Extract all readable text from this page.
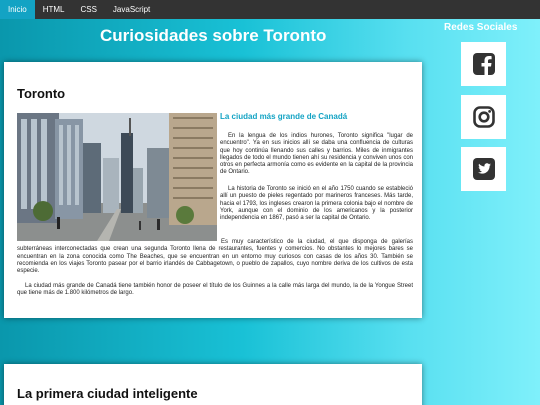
Inicio	HTML	CSS	JavaScript
Curiosidades sobre Toronto
Toronto
La ciudad más grande de Canadá

En la lengua de los indios hurones, Toronto significa "lugar de encuentro". Ya en sus inicios allí se daba una confluencia de culturas que hoy continúa llenando sus calles y barrios. Miles de inmigrantes llegados de todo el mundo tienen ahí su residencia y conviven unos con otros en perfecta armonía como es evidente en la capital de la provincia de Ontario.

La historia de Toronto se inició en el año 1750 cuando se estableció allí un puesto de pieles regentado por marineros franceses. Más tarde, hacia el 1793, los ingleses crearon la primera colonia bajo el nombre de York, aunque con el dominio de los americanos y la posterior independencia en 1867, pasó a ser la capital de Ontario.

Es muy característico de la ciudad, el que disponga de galerías subterráneas interconectadas que crean una segunda Toronto llena de restaurantes, fuentes y comercios. No obstantes lo mejores bares se encuentran en la zona conocida como The Beaches, que se encuentran en un entorno muy curiosos con casas de los años 30. También se recomienda en los viajes Toronto pasear por el barrio irlandés de Cabbagetown, o pueblo de zapallos, cuyo nombre deriva de los cultivos de esta especie.

La ciudad más grande de Canadá tiene también honor de poseer el título de los Guinnes a la calle más larga del mundo, la de la Yongue Street que tiene más de 1.800 kilómetros de largo.

La primera ciudad inteligente
Redes Sociales
